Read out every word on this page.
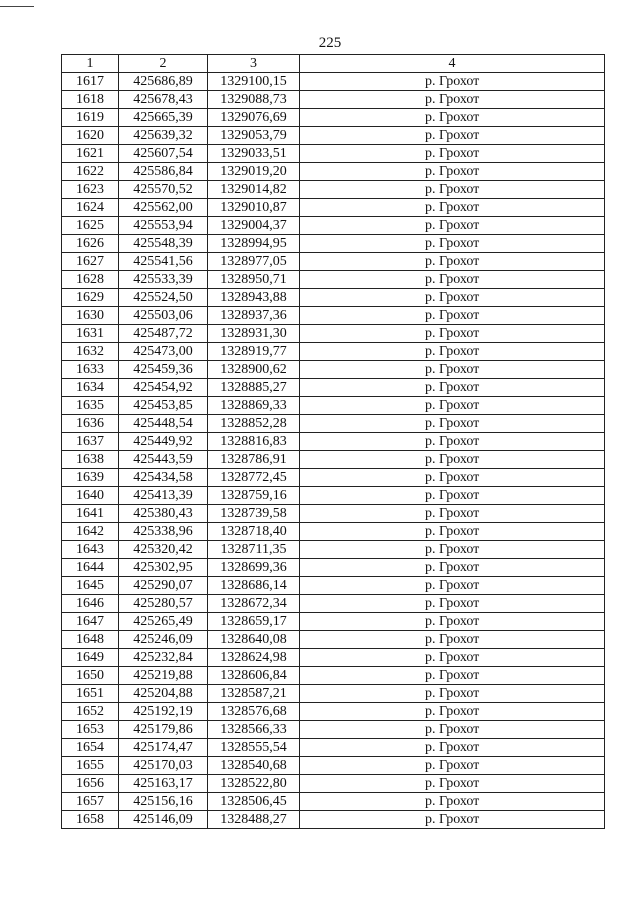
225
1	2	3	4
1617	425686,89	1329100,15	р. Грохот
1618	425678,43	1329088,73	р. Грохот
1619	425665,39	1329076,69	р. Грохот
1620	425639,32	1329053,79	р. Грохот
1621	425607,54	1329033,51	р. Грохот
1622	425586,84	1329019,20	р. Грохот
1623	425570,52	1329014,82	р. Грохот
1624	425562,00	1329010,87	р. Грохот
1625	425553,94	1329004,37	р. Грохот
1626	425548,39	1328994,95	р. Грохот
1627	425541,56	1328977,05	р. Грохот
1628	425533,39	1328950,71	р. Грохот
1629	425524,50	1328943,88	р. Грохот
1630	425503,06	1328937,36	р. Грохот
1631	425487,72	1328931,30	р. Грохот
1632	425473,00	1328919,77	р. Грохот
1633	425459,36	1328900,62	р. Грохот
1634	425454,92	1328885,27	р. Грохот
1635	425453,85	1328869,33	р. Грохот
1636	425448,54	1328852,28	р. Грохот
1637	425449,92	1328816,83	р. Грохот
1638	425443,59	1328786,91	р. Грохот
1639	425434,58	1328772,45	р. Грохот
1640	425413,39	1328759,16	р. Грохот
1641	425380,43	1328739,58	р. Грохот
1642	425338,96	1328718,40	р. Грохот
1643	425320,42	1328711,35	р. Грохот
1644	425302,95	1328699,36	р. Грохот
1645	425290,07	1328686,14	р. Грохот
1646	425280,57	1328672,34	р. Грохот
1647	425265,49	1328659,17	р. Грохот
1648	425246,09	1328640,08	р. Грохот
1649	425232,84	1328624,98	р. Грохот
1650	425219,88	1328606,84	р. Грохот
1651	425204,88	1328587,21	р. Грохот
1652	425192,19	1328576,68	р. Грохот
1653	425179,86	1328566,33	р. Грохот
1654	425174,47	1328555,54	р. Грохот
1655	425170,03	1328540,68	р. Грохот
1656	425163,17	1328522,80	р. Грохот
1657	425156,16	1328506,45	р. Грохот
1658	425146,09	1328488,27	р. Грохот
